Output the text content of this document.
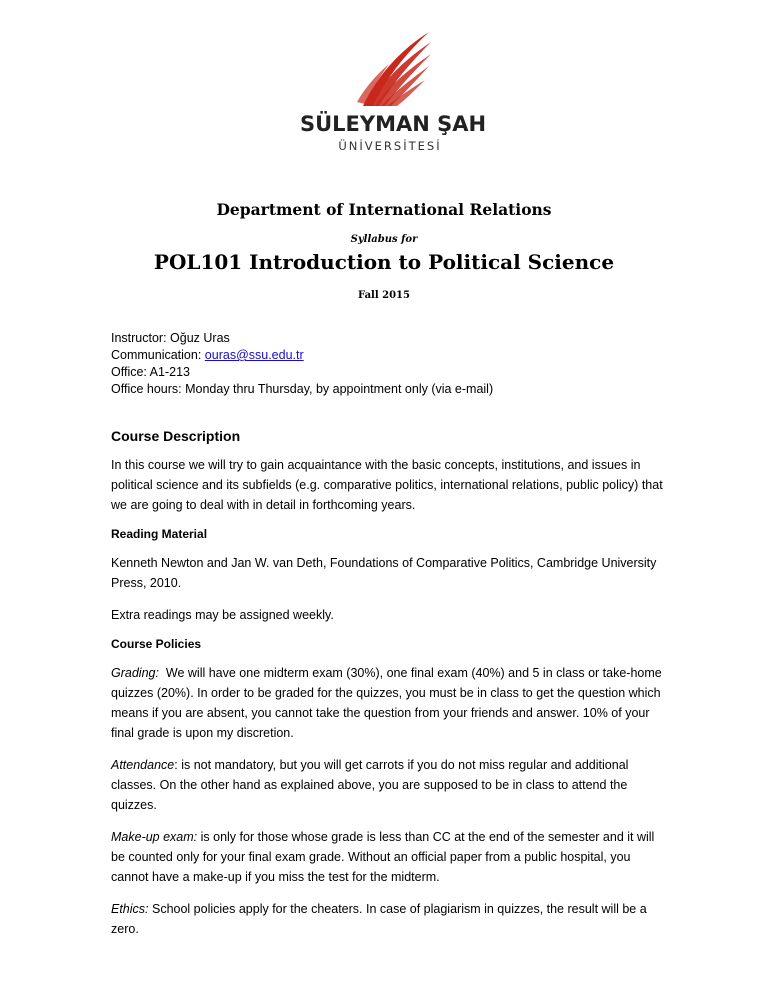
SÜLEYMAN ŞAH
ÜNİVERSİTESİ
Department of International Relations
Syllabus for
POL101 Introduction to Political Science
Fall 2015
Instructor: Oğuz Uras
Communication: ouras@ssu.edu.tr
Office: A1-213
Office hours: Monday thru Thursday, by appointment only (via e-mail)
Course Description

In this course we will try to gain acquaintance with the basic concepts, institutions, and issues in political science and its subfields (e.g. comparative politics, international relations, public policy) that we are going to deal with in detail in forthcoming years.

Reading Material

Kenneth Newton and Jan W. van Deth, Foundations of Comparative Politics, Cambridge University Press, 2010.

Extra readings may be assigned weekly.

Course Policies

Grading:  We will have one midterm exam (30%), one final exam (40%) and 5 in class or take-home quizzes (20%). In order to be graded for the quizzes, you must be in class to get the question which means if you are absent, you cannot take the question from your friends and answer. 10% of your final grade is upon my discretion.

Attendance: is not mandatory, but you will get carrots if you do not miss regular and additional classes. On the other hand as explained above, you are supposed to be in class to attend the quizzes.

Make-up exam: is only for those whose grade is less than CC at the end of the semester and it will be counted only for your final exam grade. Without an official paper from a public hospital, you cannot have a make-up if you miss the test for the midterm.

Ethics: School policies apply for the cheaters. In case of plagiarism in quizzes, the result will be a zero.
